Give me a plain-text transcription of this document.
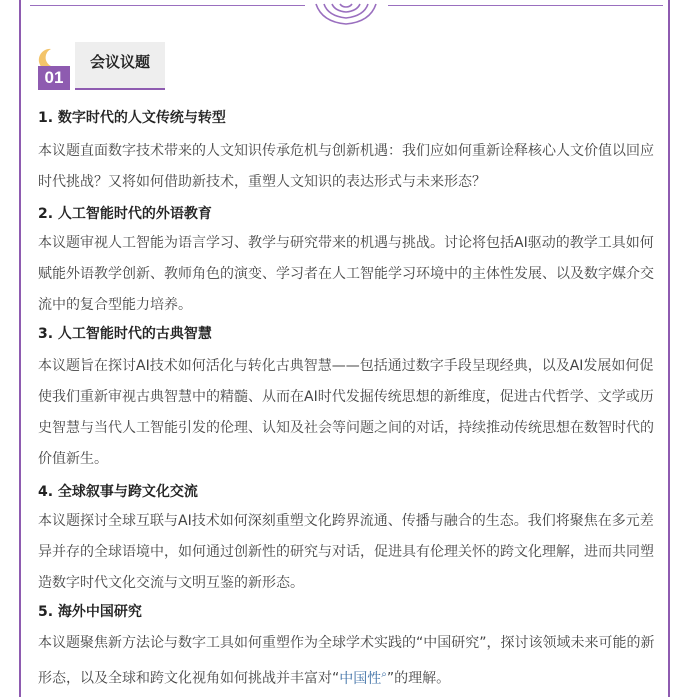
01
会议议题
1. 数字时代的人文传统与转型
本议题直面数字技术带来的人文知识传承危机与创新机遇：我们应如何重新诠释核心人文价值以回应时代挑战？又将如何借助新技术，重塑人文知识的表达形式与未来形态？
2. 人工智能时代的外语教育
本议题审视人工智能为语言学习、教学与研究带来的机遇与挑战。讨论将包括AI驱动的教学工具如何赋能外语教学创新、教师角色的演变、学习者在人工智能学习环境中的主体性发展、以及数字媒介交流中的复合型能力培养。
3. 人工智能时代的古典智慧
本议题旨在探讨AI技术如何活化与转化古典智慧——包括通过数字手段呈现经典，以及AI发展如何促使我们重新审视古典智慧中的精髓、从而在AI时代发掘传统思想的新维度，促进古代哲学、文学或历史智慧与当代人工智能引发的伦理、认知及社会等问题之间的对话，持续推动传统思想在数智时代的价值新生。
4. 全球叙事与跨文化交流
本议题探讨全球互联与AI技术如何深刻重塑文化跨界流通、传播与融合的生态。我们将聚焦在多元差异并存的全球语境中，如何通过创新性的研究与对话，促进具有伦理关怀的跨文化理解，进而共同塑造数字时代文化交流与文明互鉴的新形态。
5. 海外中国研究
本议题聚焦新方法论与数字工具如何重塑作为全球学术实践的“中国研究”，探讨该领域未来可能的新形态，以及全球和跨文化视角如何挑战并丰富对“中国性⌕”的理解。
